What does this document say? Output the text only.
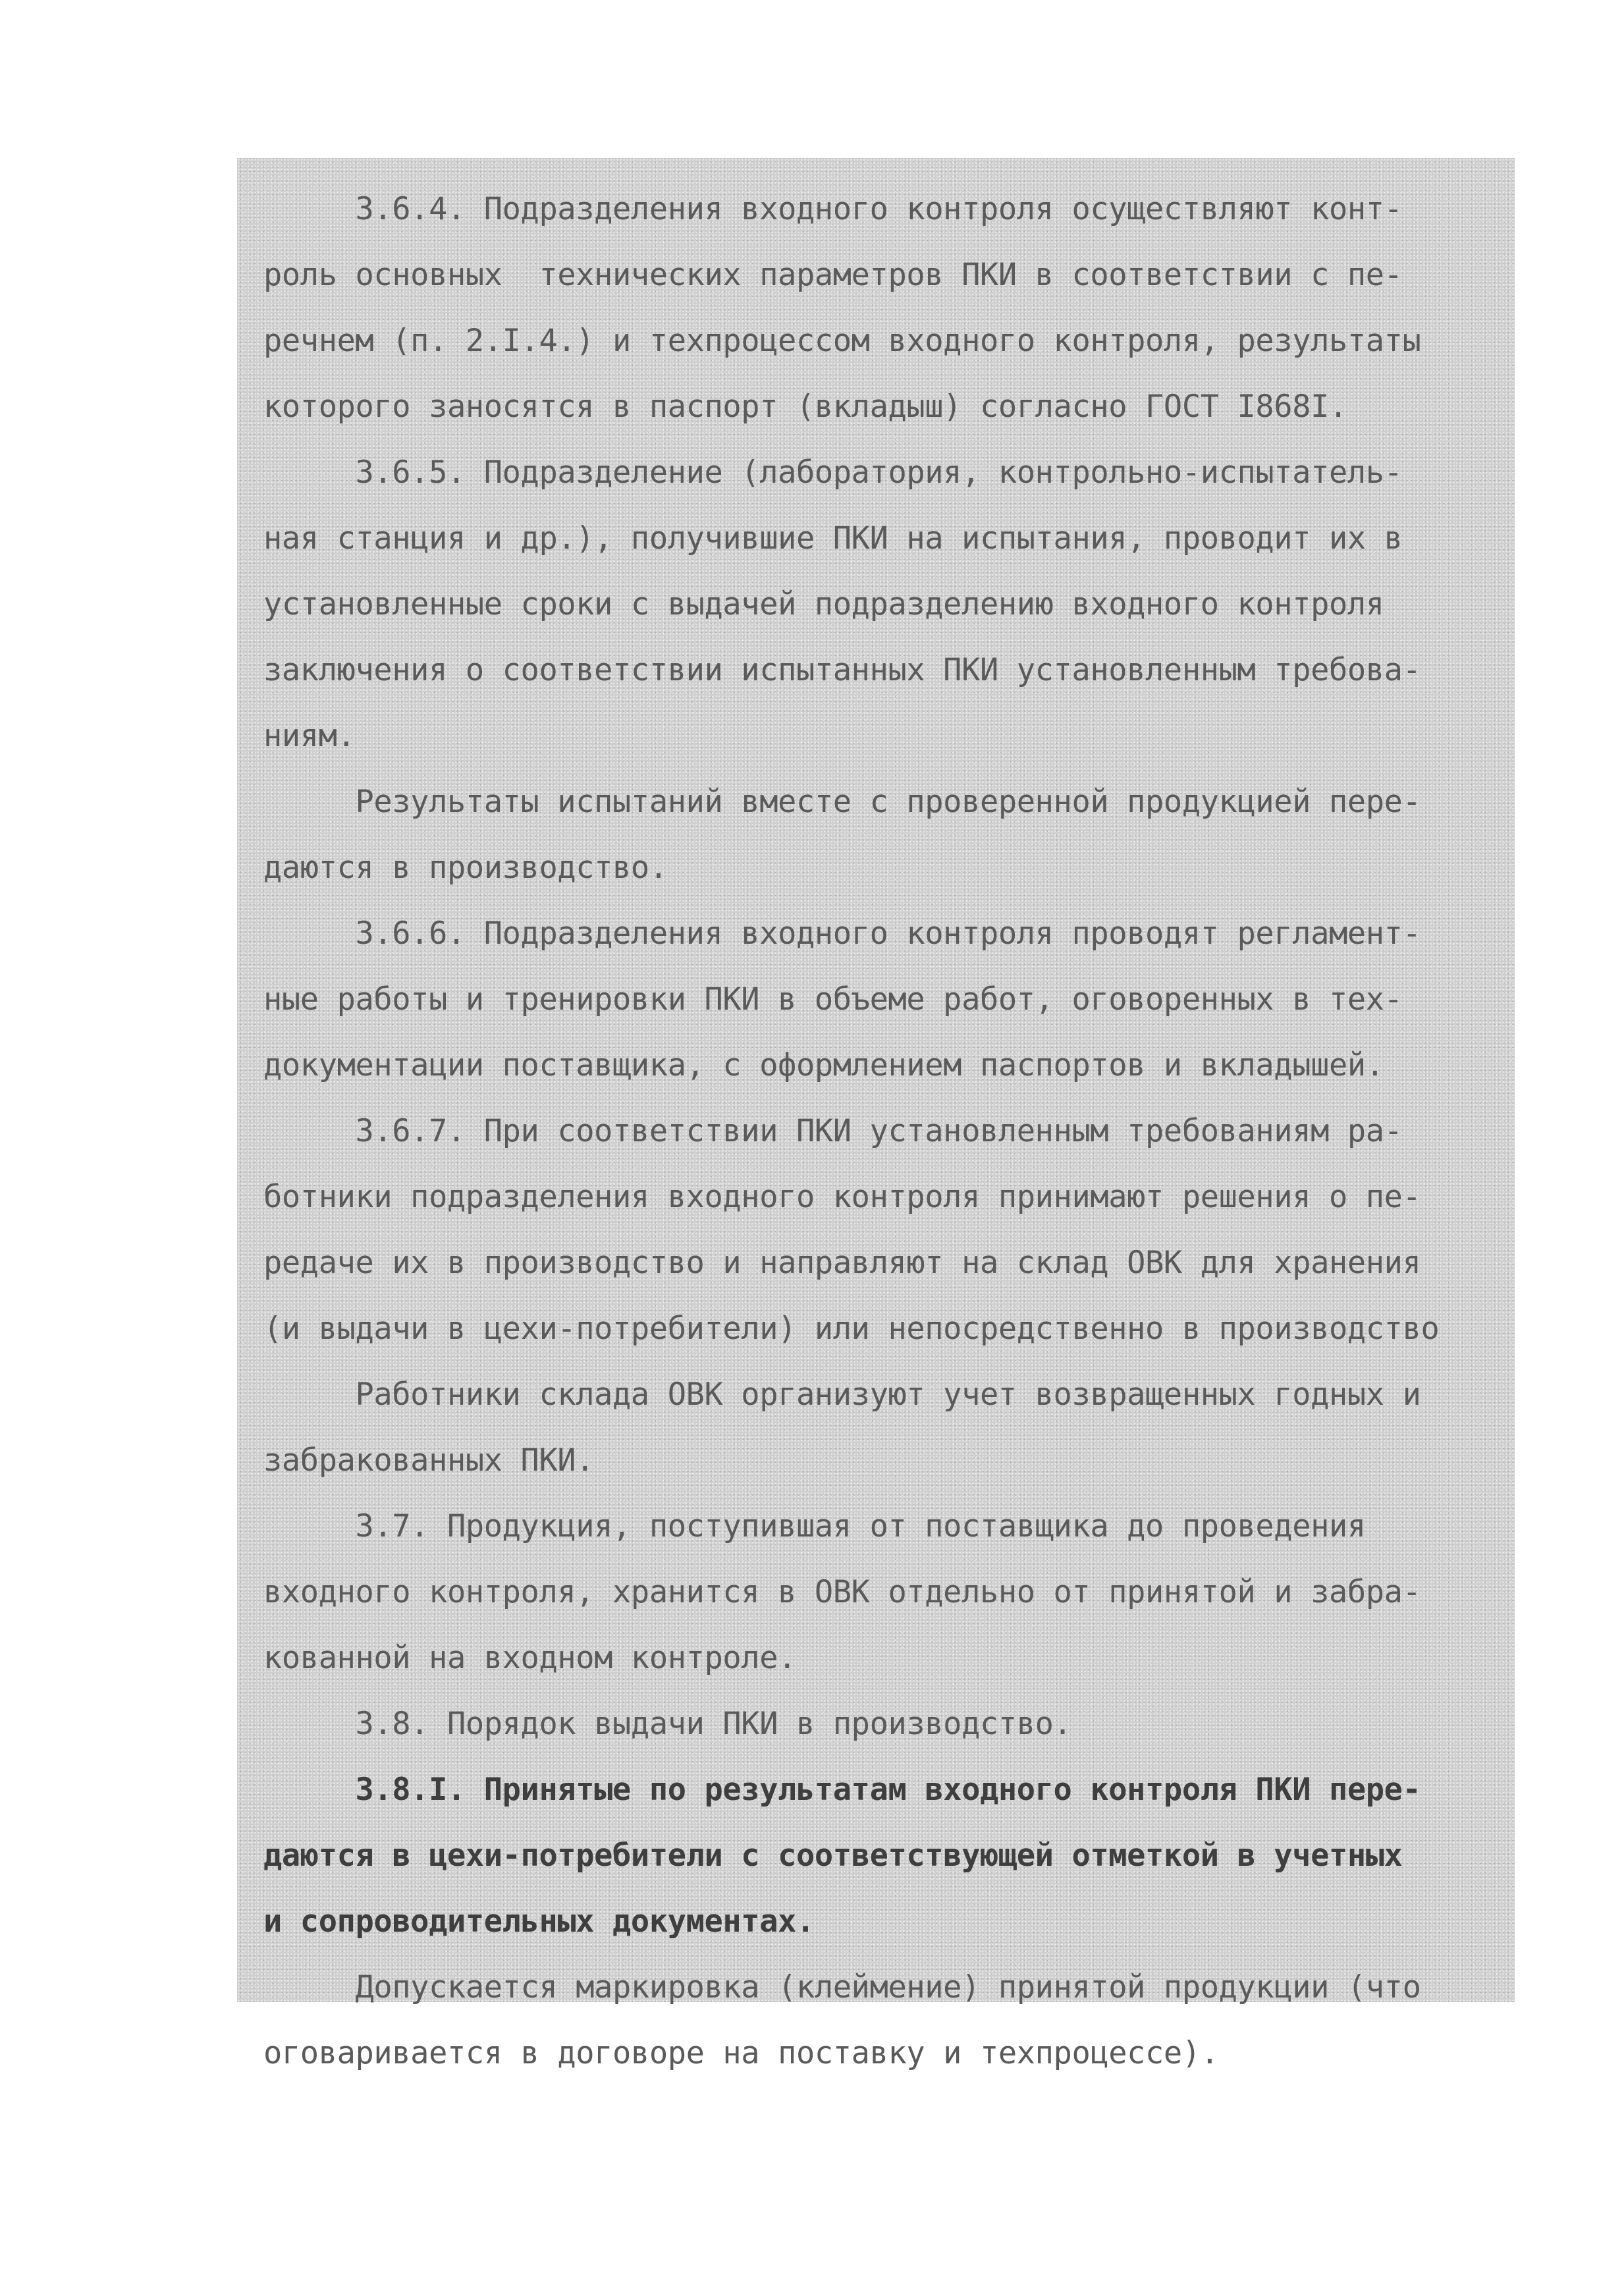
3.6.4. Подразделения входного контроля осуществляют конт-
роль основных  технических параметров ПКИ в соответствии с пе-
речнем (п. 2.І.4.) и техпроцессом входного контроля, результаты
которого заносятся в паспорт (вкладыш) согласно ГОСТ І868І.
3.6.5. Подразделение (лаборатория, контрольно-испытатель-
ная станция и др.), получившие ПКИ на испытания, проводит их в
установленные сроки с выдачей подразделению входного контроля
заключения о соответствии испытанных ПКИ установленным требова-
ниям.
Результаты испытаний вместе с проверенной продукцией пере-
даются в производство.
3.6.6. Подразделения входного контроля проводят регламент-
ные работы и тренировки ПКИ в объеме работ, оговоренных в тех-
документации поставщика, с оформлением паспортов и вкладышей.
3.6.7. При соответствии ПКИ установленным требованиям ра-
ботники подразделения входного контроля принимают решения о пе-
редаче их в производство и направляют на склад ОВК для хранения
(и выдачи в цехи-потребители) или непосредственно в производство
Работники склада ОВК организуют учет возвращенных годных и
забракованных ПКИ.
3.7. Продукция, поступившая от поставщика до проведения
входного контроля, хранится в ОВК отдельно от принятой и забра-
кованной на входном контроле.
3.8. Порядок выдачи ПКИ в производство.
3.8.І. Принятые по результатам входного контроля ПКИ пере-
даются в цехи-потребители с соответствующей отметкой в учетных
и сопроводительных документах.
Допускается маркировка (клеймение) принятой продукции (что
оговаривается в договоре на поставку и техпроцессе).
